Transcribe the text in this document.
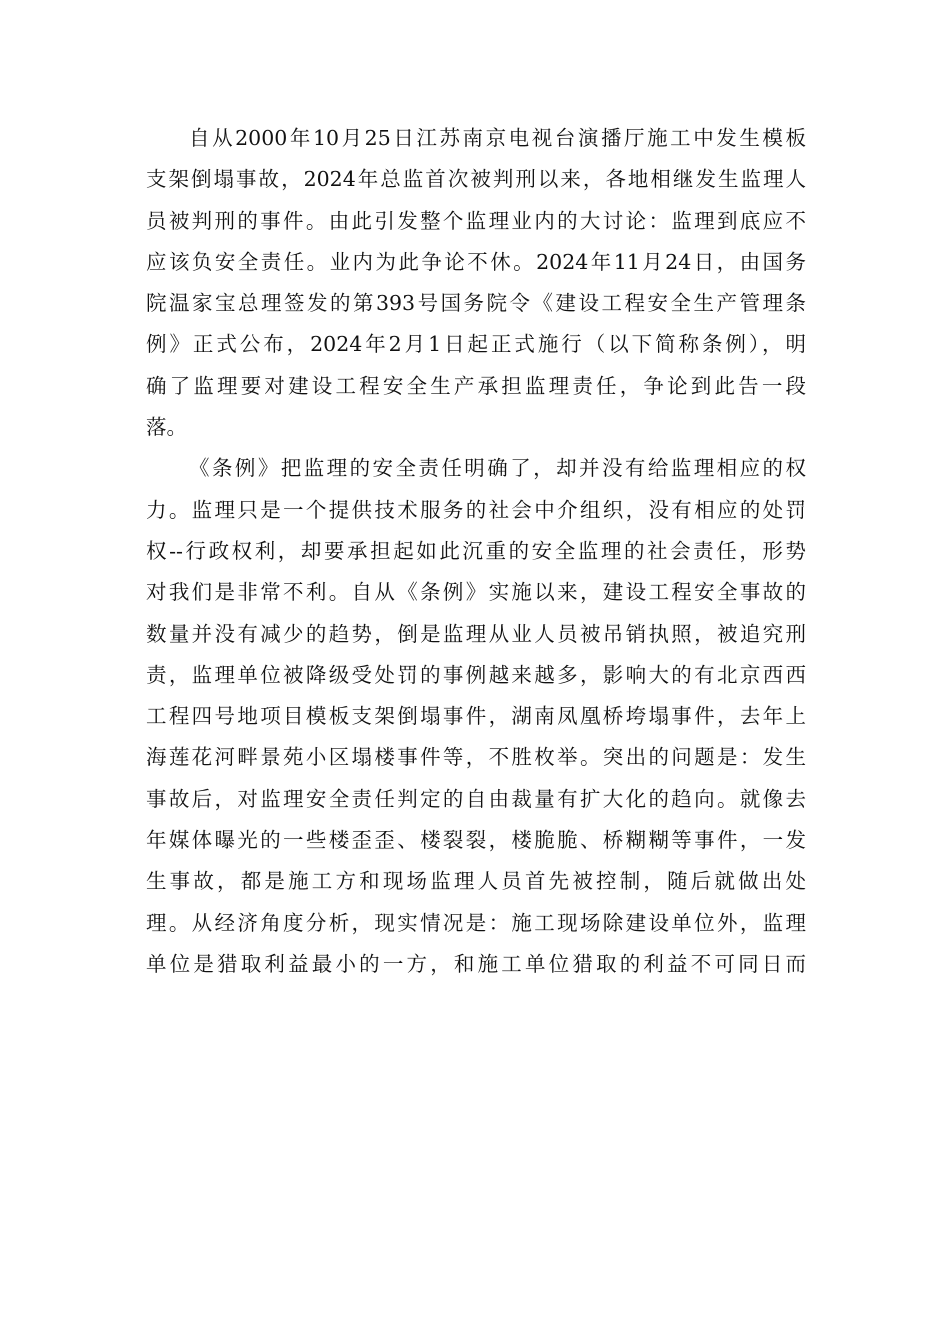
自从2000年10月25日江苏南京电视台演播厅施工中发生模板
支架倒塌事故，2024年总监首次被判刑以来，各地相继发生监理人
员被判刑的事件。由此引发整个监理业内的大讨论：监理到底应不
应该负安全责任。业内为此争论不休。2024年11月24日，由国务
院温家宝总理签发的第393号国务院令《建设工程安全生产管理条
例》正式公布，2024年2月1日起正式施行（以下简称条例），明
确了监理要对建设工程安全生产承担监理责任，争论到此告一段
落。
《条例》把监理的安全责任明确了，却并没有给监理相应的权
力。监理只是一个提供技术服务的社会中介组织，没有相应的处罚
权--行政权利，却要承担起如此沉重的安全监理的社会责任，形势
对我们是非常不利。自从《条例》实施以来，建设工程安全事故的
数量并没有减少的趋势，倒是监理从业人员被吊销执照，被追究刑
责，监理单位被降级受处罚的事例越来越多，影响大的有北京西西
工程四号地项目模板支架倒塌事件，湖南凤凰桥垮塌事件，去年上
海莲花河畔景苑小区塌楼事件等，不胜枚举。突出的问题是：发生
事故后，对监理安全责任判定的自由裁量有扩大化的趋向。就像去
年媒体曝光的一些楼歪歪、楼裂裂，楼脆脆、桥糊糊等事件，一发
生事故，都是施工方和现场监理人员首先被控制，随后就做出处
理。从经济角度分析，现实情况是：施工现场除建设单位外，监理
单位是猎取利益最小的一方，和施工单位猎取的利益不可同日而
